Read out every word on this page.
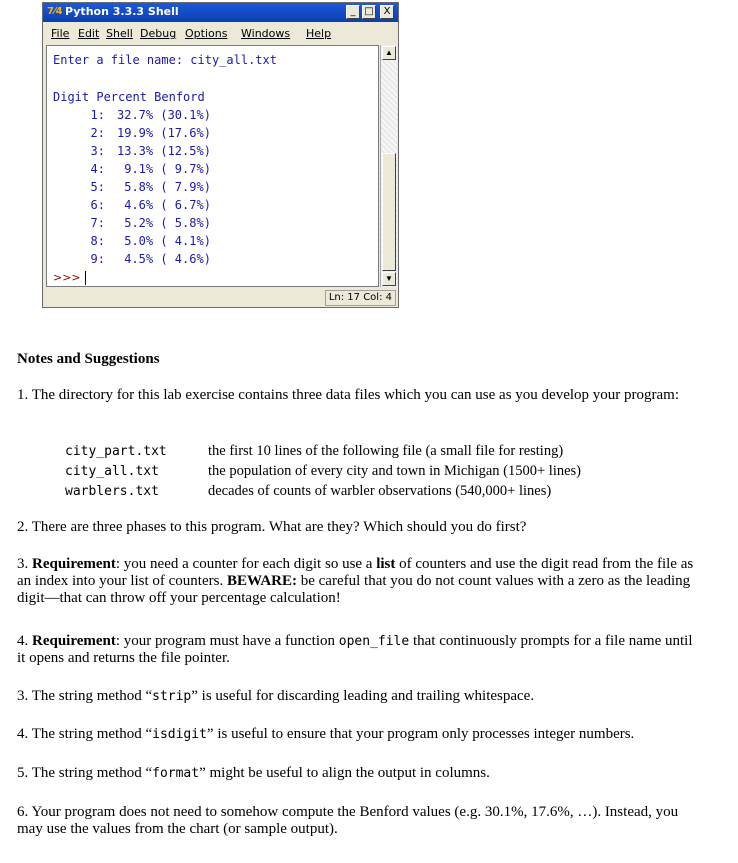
7⁄4 Python 3.3.3 Shell	_ □ X
File Edit Shell Debug Options Windows Help
Enter a file name: city_all.txt
Digit Percent Benford
1: 32.7% (30.1%)
2: 19.9% (17.6%)
3: 13.3% (12.5%)
4: 9.1% ( 9.7%)
5: 5.8% ( 7.9%)
6: 4.6% ( 6.7%)
7: 5.2% ( 5.8%)
8: 5.0% ( 4.1%)
9: 4.5% ( 4.6%)
>>>
▲
▼
Ln: 17 Col: 4
Notes and Suggestions
1. The directory for this lab exercise contains three data files which you can use as you develop your program:
city_part.txt	the first 10 lines of the following file (a small file for resting)
city_all.txt	the population of every city and town in Michigan (1500+ lines)
warblers.txt	decades of counts of warbler observations (540,000+ lines)
2. There are three phases to this program. What are they? Which should you do first?
3. Requirement: you need a counter for each digit so use a list of counters and use the digit read from the file as an index into your list of counters. BEWARE: be careful that you do not count values with a zero as the leading digit—that can throw off your percentage calculation!
4. Requirement: your program must have a function open_file that continuously prompts for a file name until it opens and returns the file pointer.
3. The string method “strip” is useful for discarding leading and trailing whitespace.
4. The string method “isdigit” is useful to ensure that your program only processes integer numbers.
5. The string method “format” might be useful to align the output in columns.
6. Your program does not need to somehow compute the Benford values (e.g. 30.1%, 17.6%, …). Instead, you may use the values from the chart (or sample output).
